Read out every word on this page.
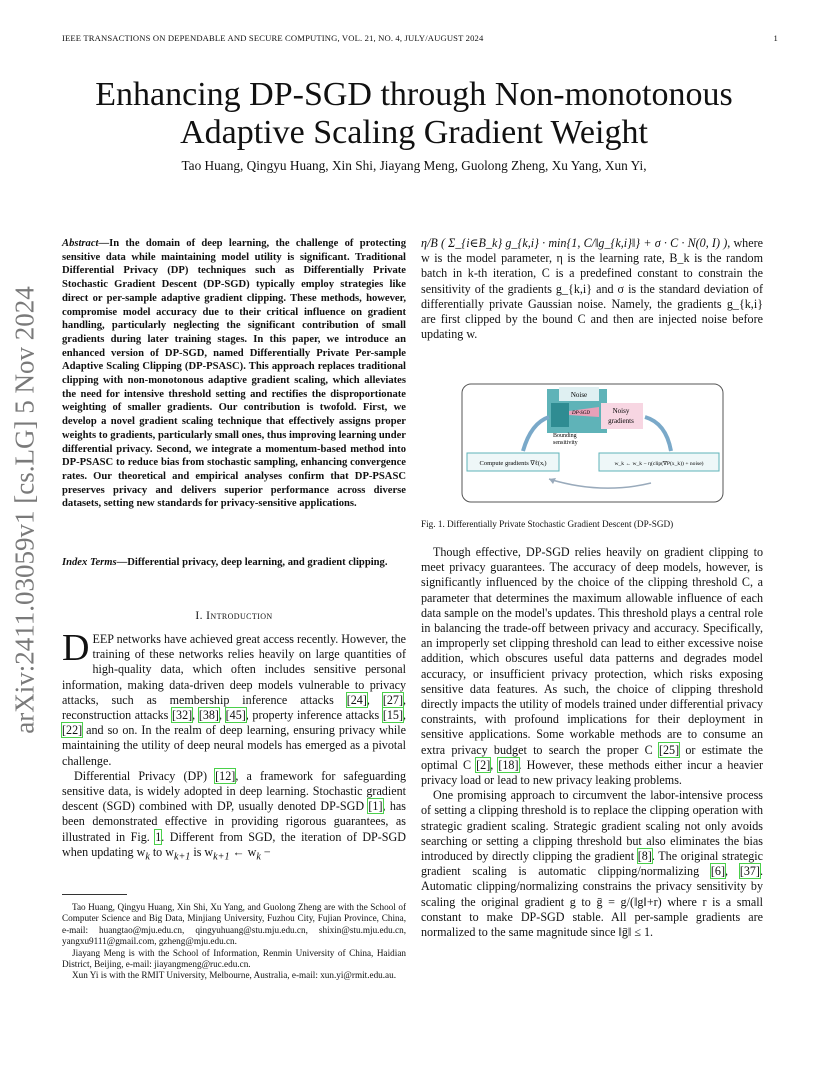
IEEE TRANSACTIONS ON DEPENDABLE AND SECURE COMPUTING, VOL. 21, NO. 4, JULY/AUGUST 2024	1
arXiv:2411.03059v1 [cs.LG] 5 Nov 2024
Enhancing DP-SGD through Non-monotonous
Adaptive Scaling Gradient Weight
Tao Huang, Qingyu Huang, Xin Shi, Jiayang Meng, Guolong Zheng, Xu Yang, Xun Yi,
Abstract—In the domain of deep learning, the challenge of protecting sensitive data while maintaining model utility is significant. Traditional Differential Privacy (DP) techniques such as Differentially Private Stochastic Gradient Descent (DP-SGD) typically employ strategies like direct or per-sample adaptive gradient clipping. These methods, however, compromise model accuracy due to their critical influence on gradient handling, particularly neglecting the significant contribution of small gradients during later training stages. In this paper, we introduce an enhanced version of DP-SGD, named Differentially Private Per-sample Adaptive Scaling Clipping (DP-PSASC). This approach replaces traditional clipping with non-monotonous adaptive gradient scaling, which alleviates the need for intensive threshold setting and rectifies the disproportionate weighting of smaller gradients. Our contribution is twofold. First, we develop a novel gradient scaling technique that effectively assigns proper weights to gradients, particularly small ones, thus improving learning under differential privacy. Second, we integrate a momentum-based method into DP-PSASC to reduce bias from stochastic sampling, enhancing convergence rates. Our theoretical and empirical analyses confirm that DP-PSASC preserves privacy and delivers superior performance across diverse datasets, setting new standards for privacy-sensitive applications.
Index Terms—Differential privacy, deep learning, and gradient clipping.
I. Introduction

DEEP networks have achieved great access recently. However, the training of these networks relies heavily on large quantities of high-quality data, which often includes sensitive personal information, making data-driven deep models vulnerable to privacy attacks, such as membership inference attacks [24], [27], reconstruction attacks [32], [38], [45], property inference attacks [15], [22] and so on. In the realm of deep learning, ensuring privacy while maintaining the utility of deep neural models has emerged as a pivotal challenge.

Differential Privacy (DP) [12], a framework for safeguarding sensitive data, is widely adopted in deep learning. Stochastic gradient descent (SGD) combined with DP, usually denoted DP-SGD [1], has been demonstrated effective in providing rigorous guarantees, as illustrated in Fig. 1. Different from SGD, the iteration of DP-SGD when updating $w_k$ to $w_{k+1}$ is $w_{k+1}$ ← $w_k$ −

Tao Huang, Qingyu Huang, Xin Shi, Xu Yang, and Guolong Zheng are with the School of Computer Science and Big Data, Minjiang University, Fuzhou City, Fujian Province, China, e-mail: huangtao@mju.edu.cn, qingyuhuang@stu.mju.edu.cn, shixin@stu.mju.edu.cn, yangxu9111@gmail.com, gzheng@mju.edu.cn.

Jiayang Meng is with the School of Information, Renmin University of China, Haidian District, Beijing, e-mail: jiayangmeng@ruc.edu.cn.

Xun Yi is with the RMIT University, Melbourne, Australia, e-mail: xun.yi@rmit.edu.au.

η/B ( Σ_{i∈B_k} g_{k,i} · min{1, C/‖g_{k,i}‖} + σ · C · N(0, I) ), where w is the model parameter, η is the learning rate, B_k is the random batch in k-th iteration, C is a predefined constant to constrain the sensitivity of the gradients g_{k,i} and σ is the standard deviation of differentially private Gaussian noise. Namely, the gradients g_{k,i} are first clipped by the bound C and then are injected noise before updating w.

Noise
DP-SGD	Noisy
gradients
Bounding
sensitivity
Compute gradients ∇ℓ(xᵢ)	w_k ← w_k − η(clip(∇P(x_k)) + noise)
Fig. 1. Differentially Private Stochastic Gradient Descent (DP-SGD)

Though effective, DP-SGD relies heavily on gradient clipping to meet privacy guarantees. The accuracy of deep models, however, is significantly influenced by the choice of the clipping threshold C, a parameter that determines the maximum allowable influence of each data sample on the model's updates. This threshold plays a central role in balancing the trade-off between privacy and accuracy. Specifically, an improperly set clipping threshold can lead to either excessive noise addition, which obscures useful data patterns and degrades model accuracy, or insufficient privacy protection, which risks exposing sensitive data features. As such, the choice of clipping threshold directly impacts the utility of models trained under differential privacy constraints, with profound implications for their deployment in sensitive applications. Some workable methods are to consume an extra privacy budget to search the proper C [25] or estimate the optimal C [2], [18]. However, these methods either incur a heavier privacy load or lead to new privacy leaking problems.

One promising approach to circumvent the labor-intensive process of setting a clipping threshold is to replace the clipping operation with strategic gradient scaling. Strategic gradient scaling not only avoids searching or setting a clipping threshold but also eliminates the bias introduced by directly clipping the gradient [8]. The original strategic gradient scaling is automatic clipping/normalizing [6], [37]. Automatic clipping/normalizing constrains the privacy sensitivity by scaling the original gradient g to ḡ = g/(‖g‖+r) where r is a small constant to make DP-SGD stable. All per-sample gradients are normalized to the same magnitude since ‖ḡ‖ ≤ 1.
